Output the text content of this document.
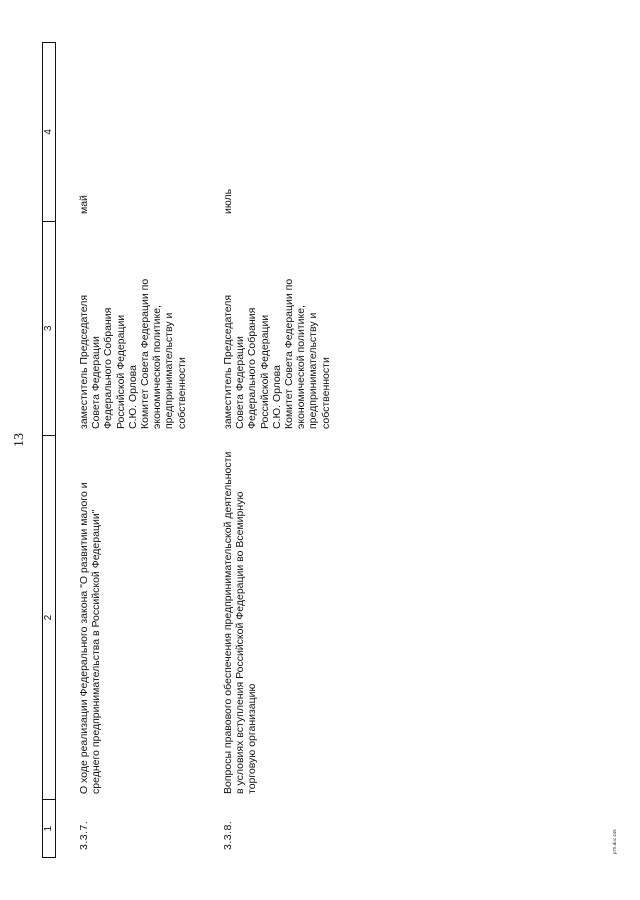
13
1
2
3
4
3.3.7.
О ходе реализации Федерального закона "О развитии малого и среднего предпринимательства в Российской Федерации"
заместитель Председателя Совета Федерации Федерального Собрания Российской Федерации С.Ю. Орлова Комитет Совета Федерации по экономической политике, предпринимательству и собственности
май
3.3.8.
Вопросы правового обеспечения предпринимательской деятельности в условиях вступления Российской Федерации во Всемирную торговую организацию
заместитель Председателя Совета Федерации Федерального Собрания Российской Федерации С.Ю. Орлова Комитет Совета Федерации по экономической политике, предпринимательству и собственности
июль
p75.doc 445
